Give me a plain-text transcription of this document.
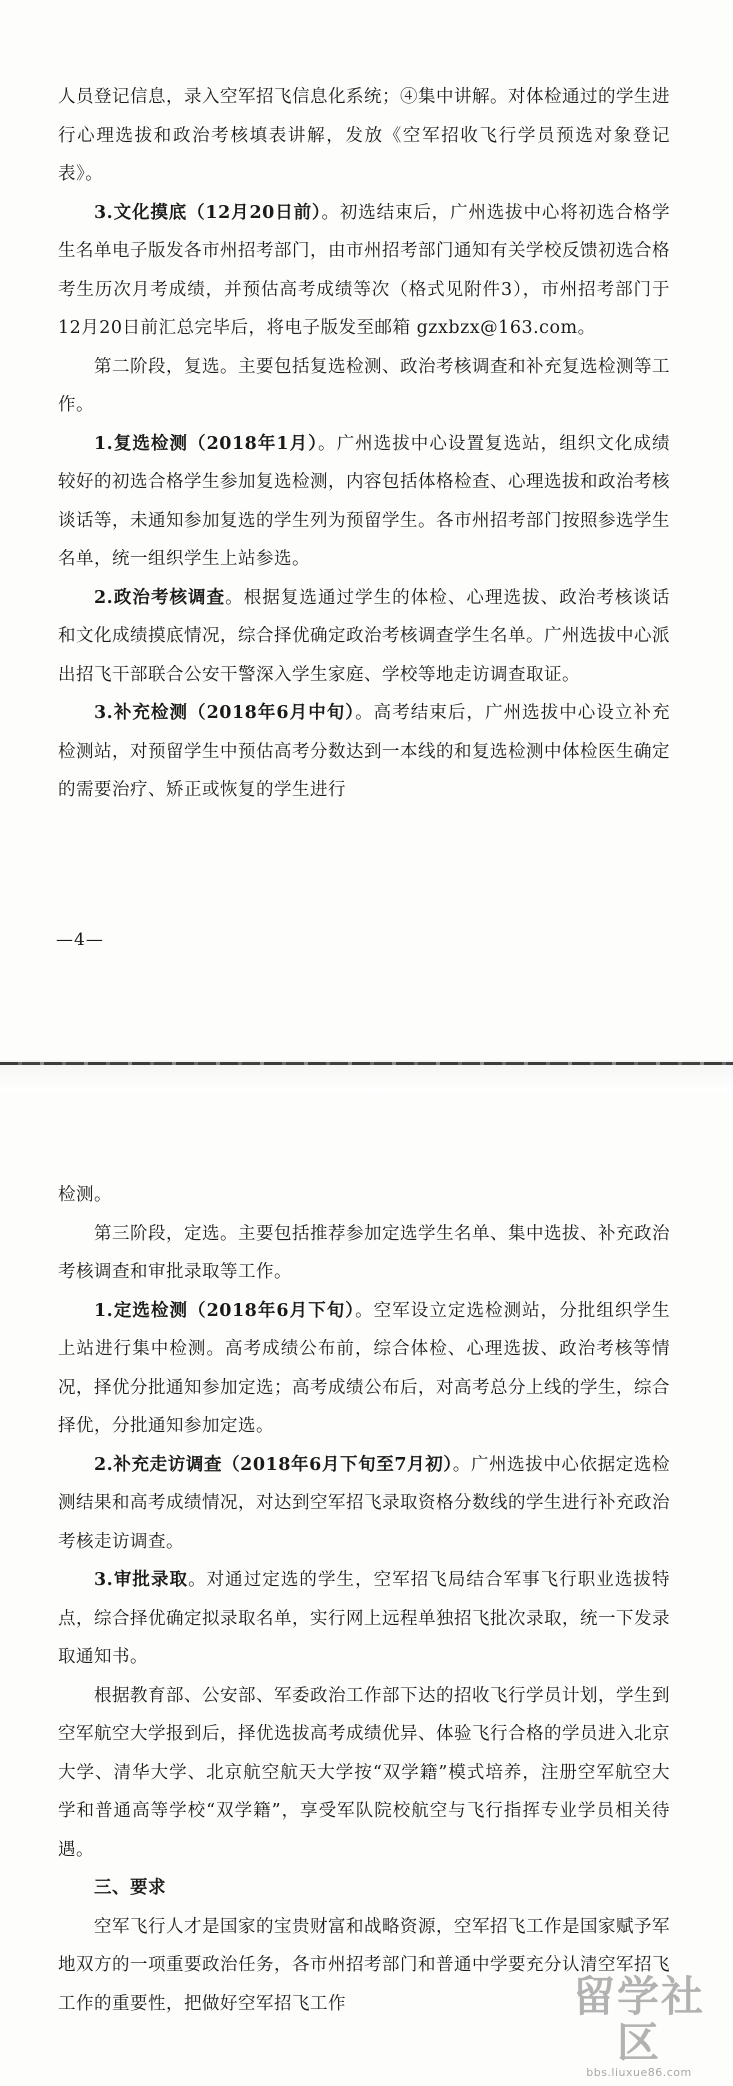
人员登记信息，录入空军招飞信息化系统；④集中讲解。对体检通过的学生进行心理选拔和政治考核填表讲解，发放《空军招收飞行学员预选对象登记表》。

3.文化摸底（12月20日前）。初选结束后，广州选拔中心将初选合格学生名单电子版发各市州招考部门，由市州招考部门通知有关学校反馈初选合格考生历次月考成绩，并预估高考成绩等次（格式见附件3），市州招考部门于12月20日前汇总完毕后，将电子版发至邮箱 gzxbzx@163.com。

第二阶段，复选。主要包括复选检测、政治考核调查和补充复选检测等工作。

1.复选检测（2018年1月）。广州选拔中心设置复选站，组织文化成绩较好的初选合格学生参加复选检测，内容包括体格检查、心理选拔和政治考核谈话等，未通知参加复选的学生列为预留学生。各市州招考部门按照参选学生名单，统一组织学生上站参选。

2.政治考核调查。根据复选通过学生的体检、心理选拔、政治考核谈话和文化成绩摸底情况，综合择优确定政治考核调查学生名单。广州选拔中心派出招飞干部联合公安干警深入学生家庭、学校等地走访调查取证。

3.补充检测（2018年6月中旬）。高考结束后，广州选拔中心设立补充检测站，对预留学生中预估高考分数达到一本线的和复选检测中体检医生确定的需要治疗、矫正或恢复的学生进行

—4—

检测。

第三阶段，定选。主要包括推荐参加定选学生名单、集中选拔、补充政治考核调查和审批录取等工作。

1.定选检测（2018年6月下旬）。空军设立定选检测站，分批组织学生上站进行集中检测。高考成绩公布前，综合体检、心理选拔、政治考核等情况，择优分批通知参加定选；高考成绩公布后，对高考总分上线的学生，综合择优，分批通知参加定选。

2.补充走访调查（2018年6月下旬至7月初）。广州选拔中心依据定选检测结果和高考成绩情况，对达到空军招飞录取资格分数线的学生进行补充政治考核走访调查。

3.审批录取。对通过定选的学生，空军招飞局结合军事飞行职业选拔特点，综合择优确定拟录取名单，实行网上远程单独招飞批次录取，统一下发录取通知书。

根据教育部、公安部、军委政治工作部下达的招收飞行学员计划，学生到空军航空大学报到后，择优选拔高考成绩优异、体验飞行合格的学员进入北京大学、清华大学、北京航空航天大学按“双学籍”模式培养，注册空军航空大学和普通高等学校“双学籍”，享受军队院校航空与飞行指挥专业学员相关待遇。

三、要求

空军飞行人才是国家的宝贵财富和战略资源，空军招飞工作是国家赋予军地双方的一项重要政治任务，各市州招考部门和普通中学要充分认清空军招飞工作的重要性，把做好空军招飞工作	留学社区
bbs.liuxue86.com
